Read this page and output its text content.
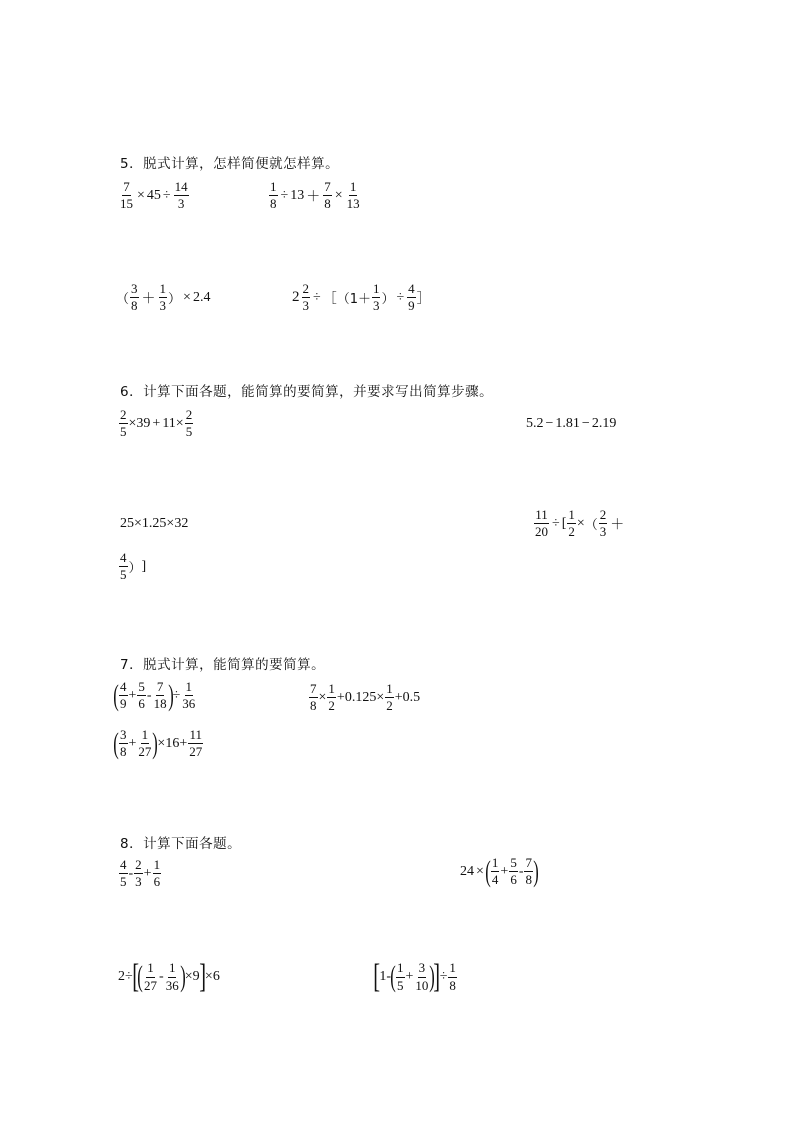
5．脱式计算，怎样简便就怎样算。
$\frac{7}{15} \times 45 \div \frac{14}{3}$	$\frac{1}{8} \div 13 + \frac{7}{8} \times \frac{1}{13}$
（ $\frac{3}{8} + \frac{1}{3}$ ） × 2.4	$2 \frac{2}{3}$ ÷ ［ （$1+ \frac{1}{3}$ ） ÷ $\frac{4}{9}$ ］
6．计算下面各题，能简算的要简算，并要求写出简算步骤。
$\frac{2}{5} \times 39 + 11 \times \frac{2}{5}$	5.2 − 1.81 − 2.19
25 × 1.25 × 32	$\frac{11}{20}$ ÷ [ $\frac{1}{2}$ × （ $\frac{2}{3}$ ＋
$\frac{4}{5}$ ） ]
7．脱式计算，能简算的要简算。
( $\frac{4}{9} + \frac{5}{6} - \frac{7}{18}$ ) ÷ $\frac{1}{36}$	$\frac{7}{8} \times \frac{1}{2} + 0.125 \times \frac{1}{2} + 0.5$
( $\frac{3}{8} + \frac{1}{27}$ ) × $16 + \frac{11}{27}$
8．计算下面各题。
$\frac{4}{5} - \frac{2}{3} + \frac{1}{6}$	24 × ( $\frac{1}{4} + \frac{5}{6} - \frac{7}{8}$ )
2 ÷ [
( $\frac{1}{27} - \frac{1}{36}$ ) × 9 ] × 6	[ 1 - ( $\frac{1}{5} + \frac{3}{10}$ )
] ÷ $\frac{1}{8}$
